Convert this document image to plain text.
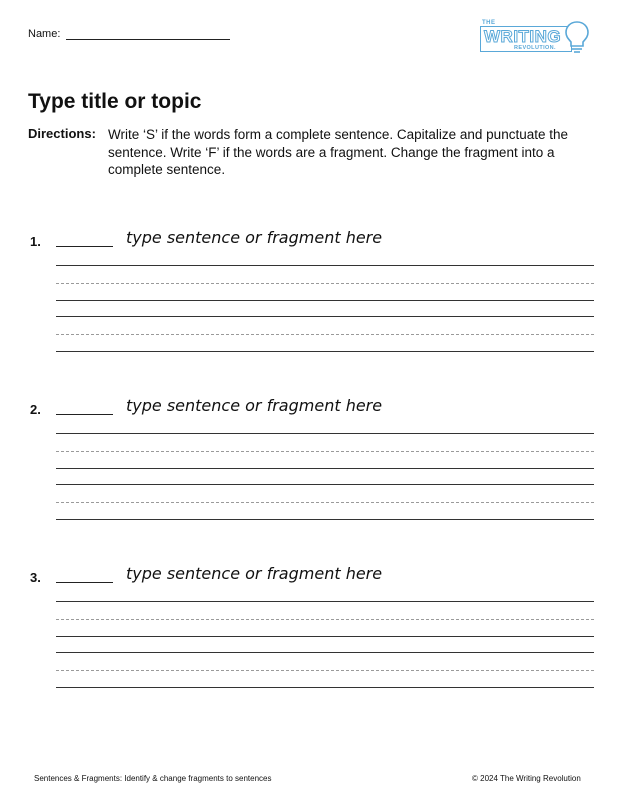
Name:
THE
WRITING
REVOLUTION.
Type title or topic
Directions: Write ‘S’ if the words form a complete sentence. Capitalize and punctuate the sentence. Write ‘F’ if the words are a fragment. Change the fragment into a complete sentence.
1.	type sentence or fragment here
2.	type sentence or fragment here
3.	type sentence or fragment here
Sentences & Fragments: Identify & change fragments to sentences	© 2024 The Writing Revolution
